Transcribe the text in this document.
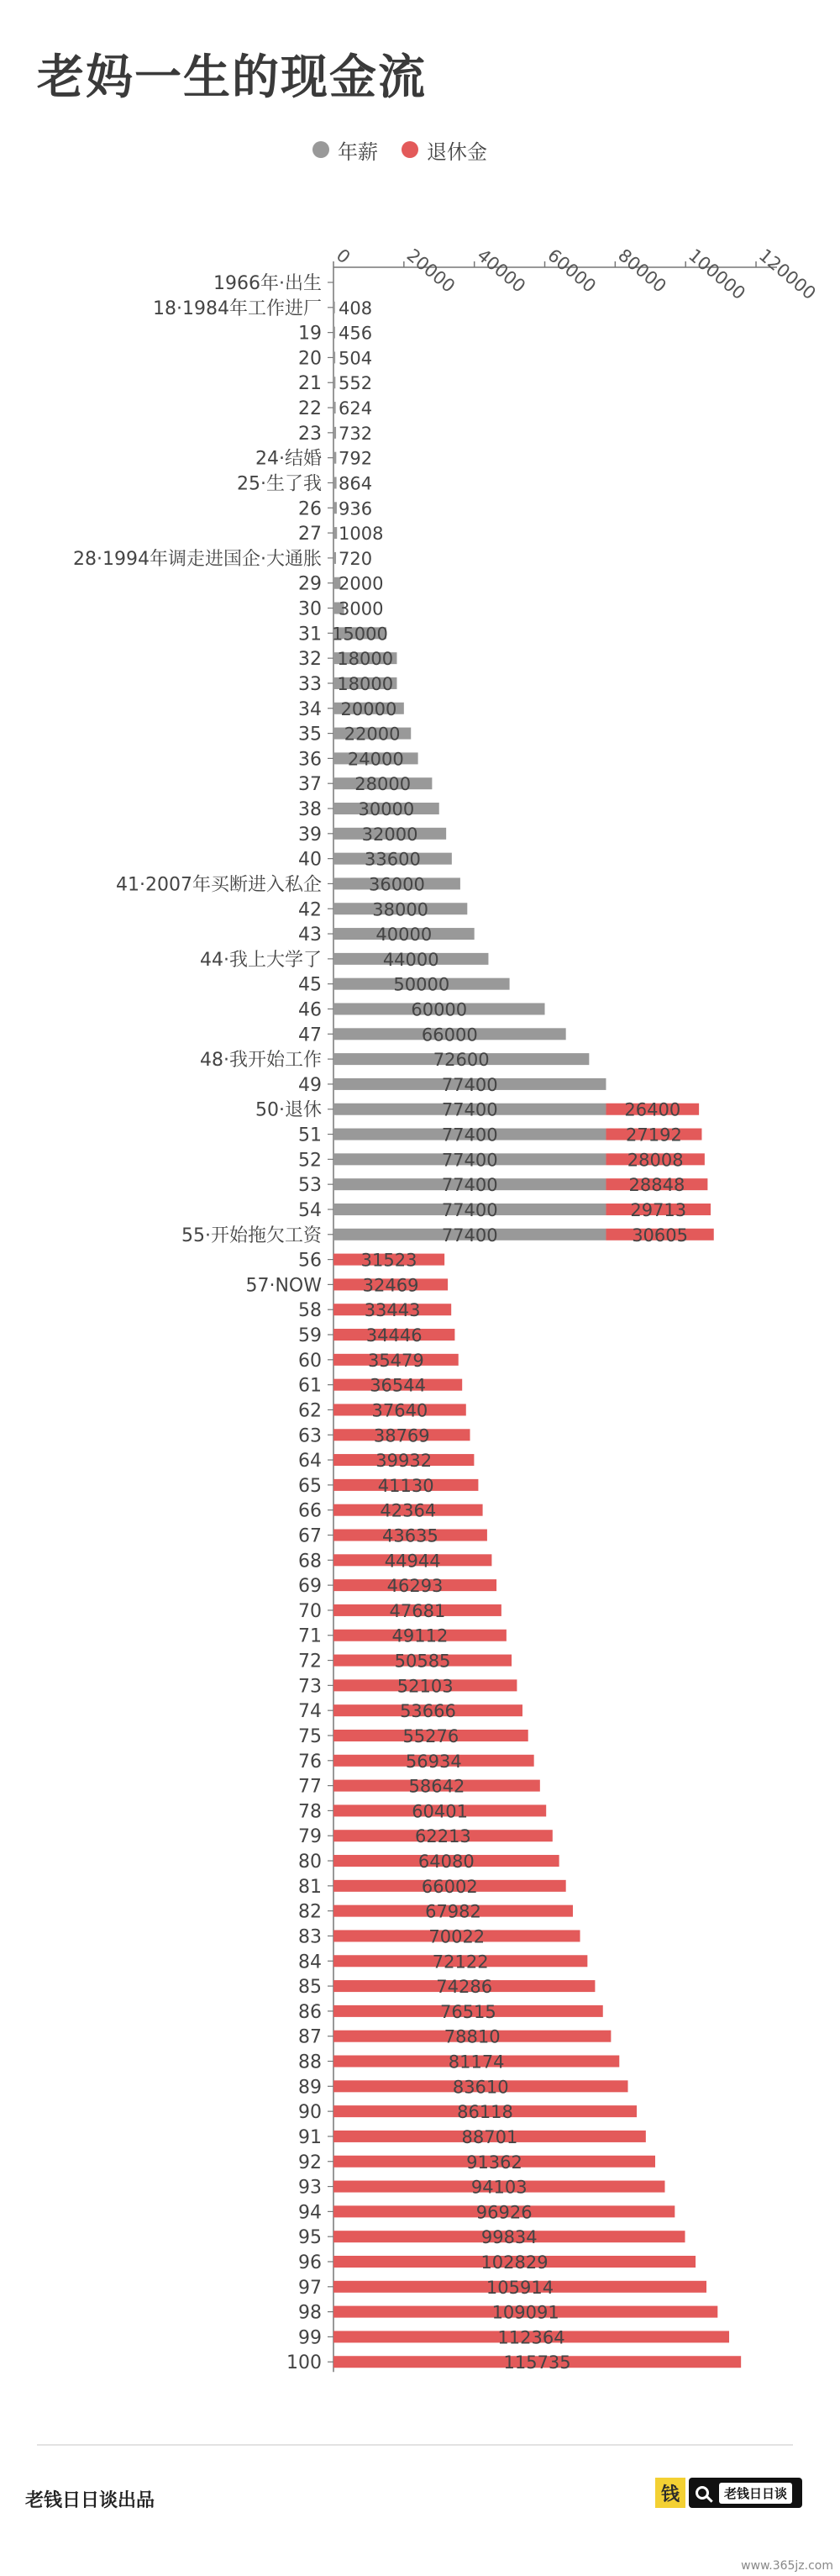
老妈一生的现金流
年薪 退休金
0	20000 40000 60000 80000 100000 120000
1966年·出生
18·1984年工作进厂 408
19 456
20 504
21 552
22 624
23 732
24·结婚 792
25·生了我 864
26 936
27 1008
28·1994年调走进国企·大通胀 720
29 2000
30 3000
31 15000
32 18000
33 18000
34 20000
35 22000
36 24000
37 28000
38 30000
39 32000
40 33600
41·2007年买断进入私企	36000
42	38000
43	40000
44·我上大学了	44000
45	50000
46	60000
47	66000
48·我开始工作	72600
49	77400
50·退休	77400	26400
51	77400	27192
52	77400	28008
53	77400	28848
54	77400	29713
55·开始拖欠工资	77400	30605
56 31523
57·NOW 32469
58 33443
59	34446
60	35479
61	36544
62	37640
63	38769
64	39932
65	41130
66	42364
67	43635
68	44944
69	46293
70	47681
71	49112
72	50585
73	52103
74	53666
75	55276
76	56934
77	58642
78	60401
79	62213
80	64080
81	66002
82	67982
83	70022
84	72122
85	74286
86	76515
87	78810
88	81174
89	83610
90	86118
91	88701
92	91362
93	94103
94	96926
95	99834
96	102829
97	105914
98	109091
99	112364
100	115735
老钱日日谈出品	钱	老钱日日谈
www.365jz.com
